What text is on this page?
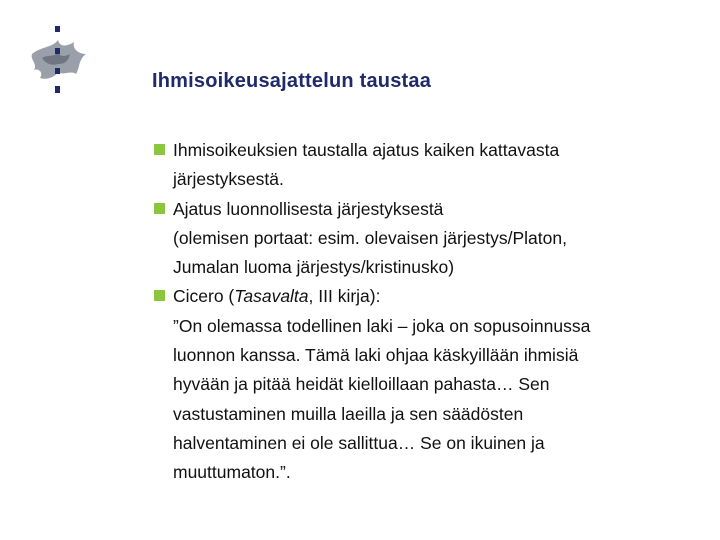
Ihmisoikeusajattelun taustaa
Ihmisoikeuksien taustalla ajatus kaiken kattavasta
järjestyksestä.
Ajatus luonnollisesta järjestyksestä
(olemisen portaat: esim. olevaisen järjestys/Platon,
Jumalan luoma järjestys/kristinusko)
Cicero (Tasavalta, III kirja):
”On olemassa todellinen laki – joka on sopusoinnussa
luonnon kanssa. Tämä laki ohjaa käskyillään ihmisiä
hyvään ja pitää heidät kielloillaan pahasta… Sen
vastustaminen muilla laeilla ja sen säädösten
halventaminen ei ole sallittua… Se on ikuinen ja
muuttumaton.”.
